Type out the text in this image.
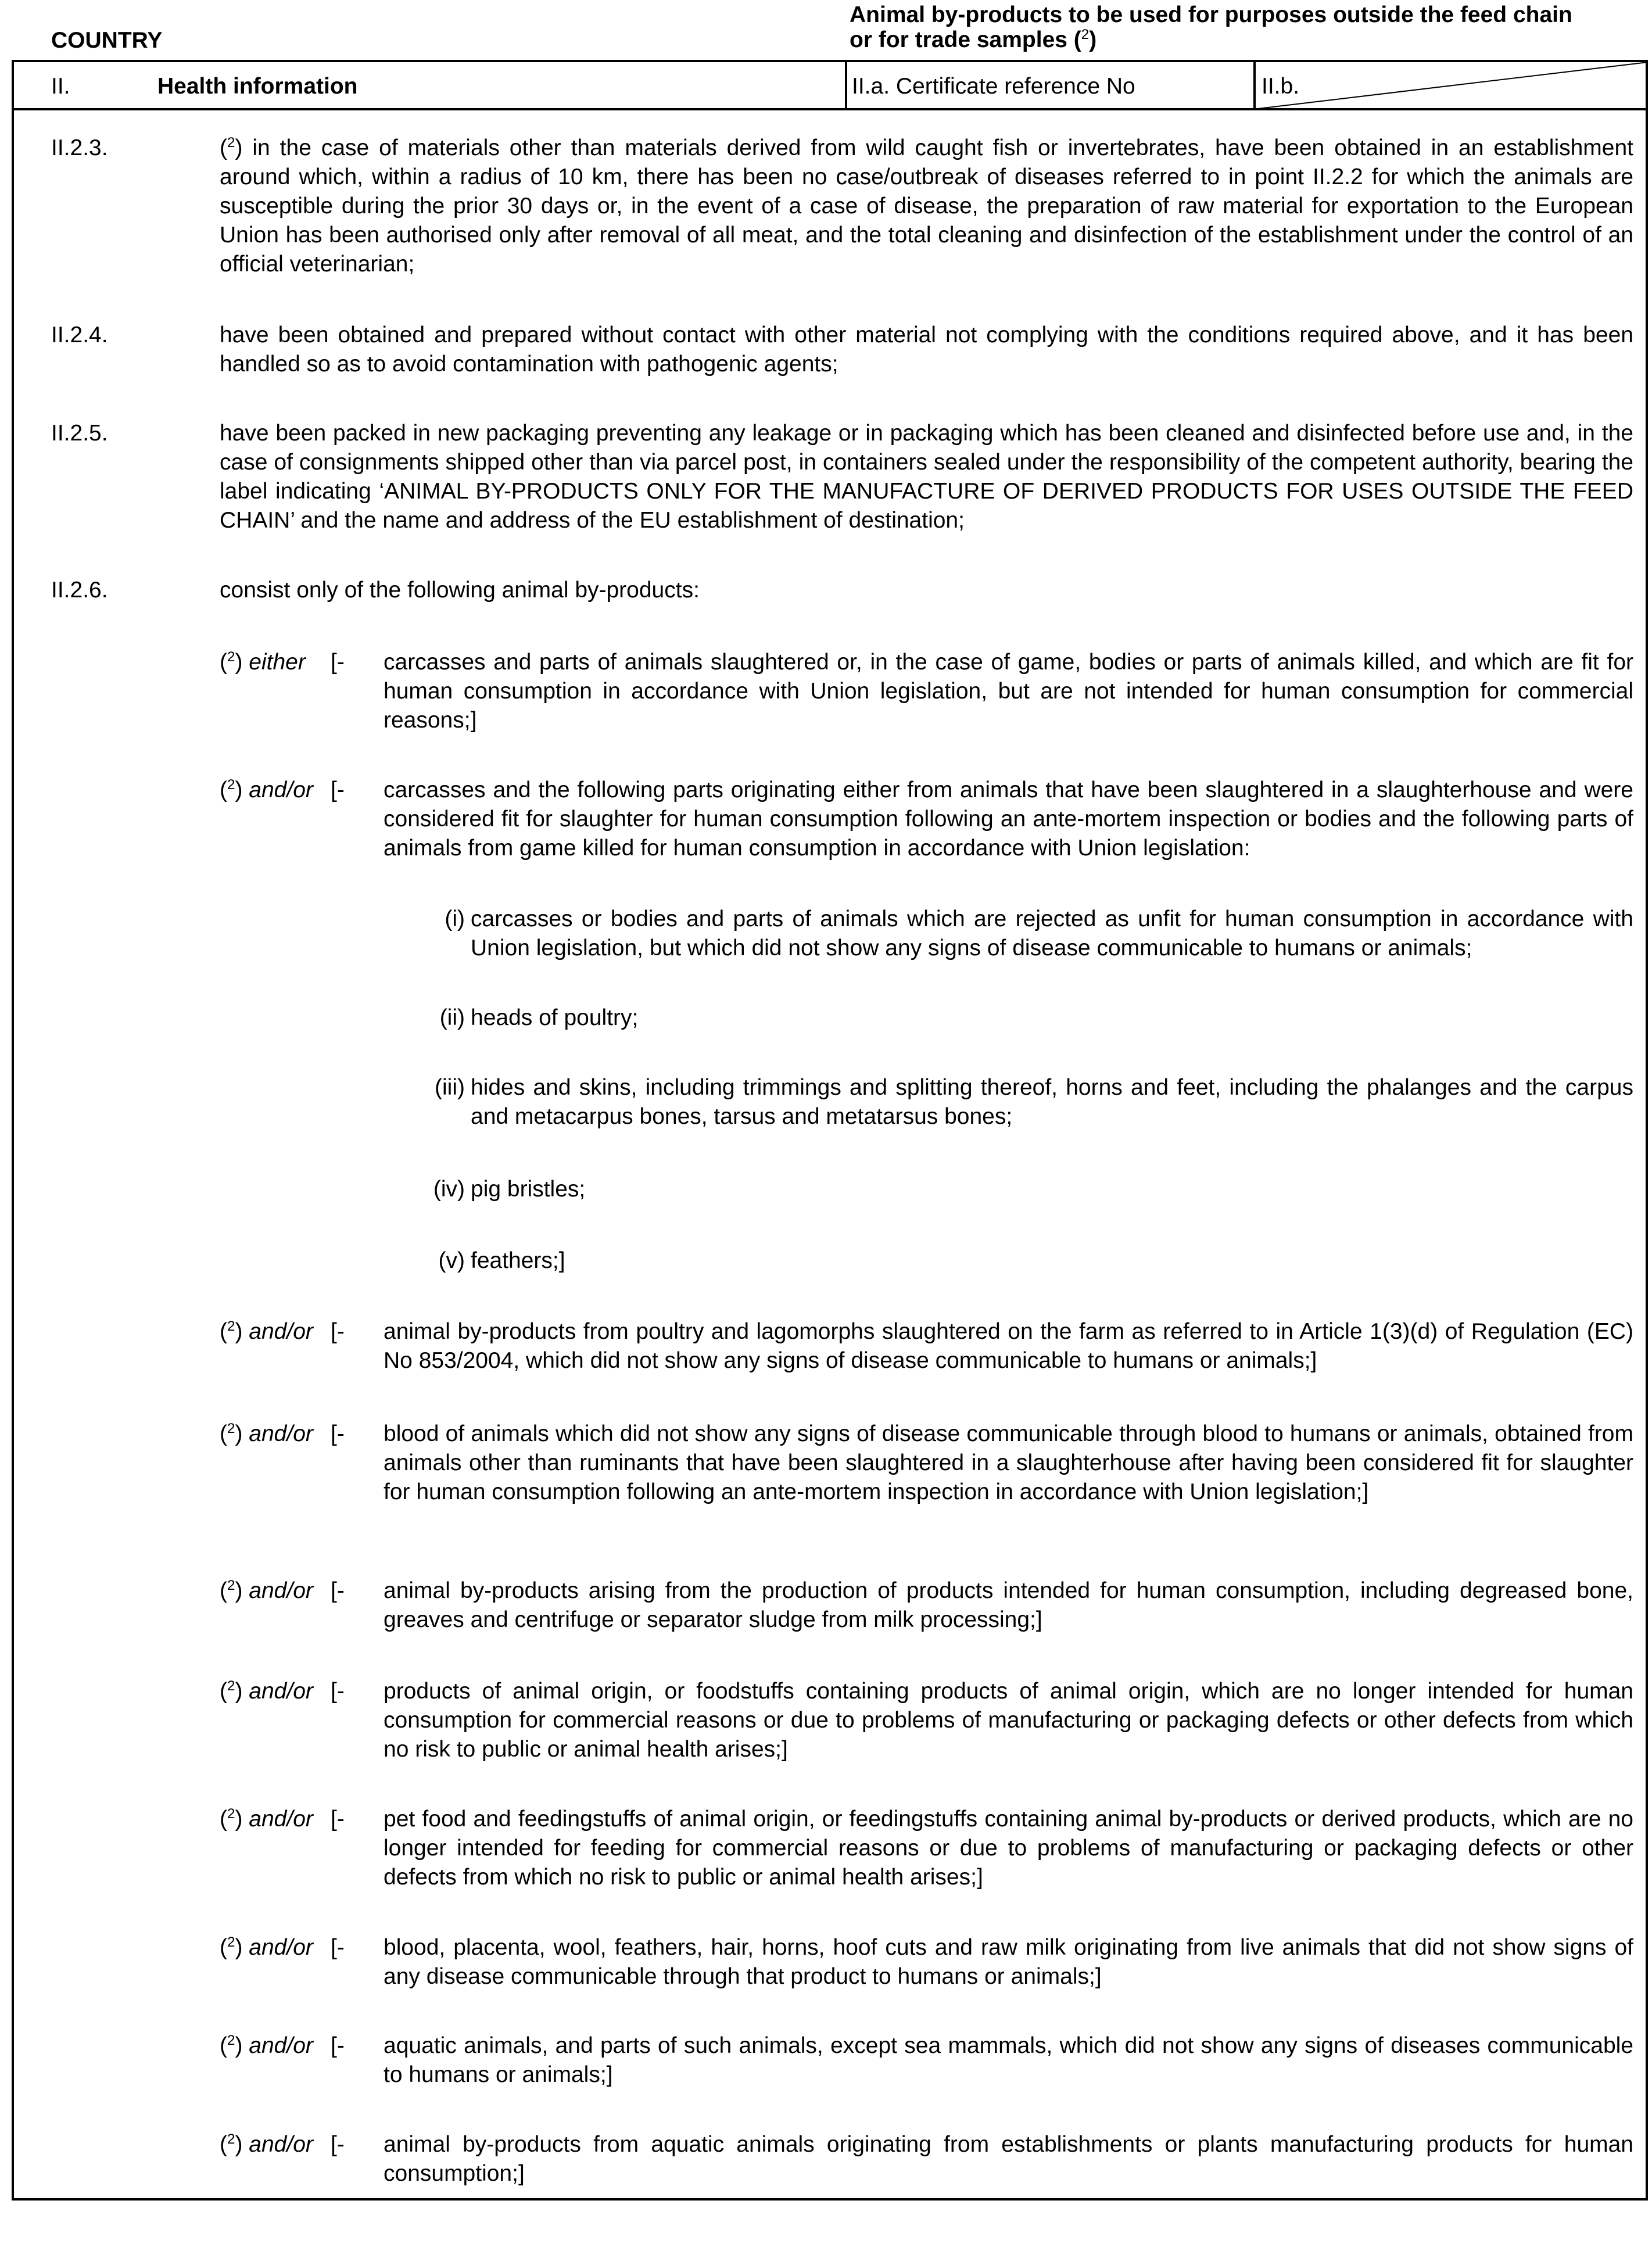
COUNTRY
Animal by-products to be used for purposes outside the feed chain
or for trade samples ($^2$)
II.	Health information	II.a. Certificate reference No	II.b.
II.2.3.	($^2$) in the case of materials other than materials derived from wild caught fish or invertebrates, have been obtained in an establishment around which, within a radius of 10 km, there has been no case/outbreak of diseases referred to in point II.2.2 for which the animals are susceptible during the prior 30 days or, in the event of a case of disease, the preparation of raw material for exportation to the European Union has been authorised only after removal of all meat, and the total cleaning and disinfection of the establishment under the control of an official veterinarian;
II.2.4.	have been obtained and prepared without contact with other material not complying with the conditions required above, and it has been handled so as to avoid contamination with pathogenic agents;
II.2.5.	have been packed in new packaging preventing any leakage or in packaging which has been cleaned and disinfected before use and, in the case of consignments shipped other than via parcel post, in containers sealed under the responsibility of the competent authority, bearing the label indicating ‘ANIMAL BY-PRODUCTS ONLY FOR THE MANUFACTURE OF DERIVED PRODUCTS FOR USES OUTSIDE THE FEED CHAIN’ and the name and address of the EU establishment of destination;
II.2.6.	consist only of the following animal by-products:
($^2$) either [- carcasses and parts of animals slaughtered or, in the case of game, bodies or parts of animals killed, and which are fit for human consumption in accordance with Union legislation, but are not intended for human consumption for commercial reasons;]
($^2$) and/or [- carcasses and the following parts originating either from animals that have been slaughtered in a slaughterhouse and were considered fit for slaughter for human consumption following an ante-mortem inspection or bodies and the following parts of animals from game killed for human consumption in accordance with Union legislation:
(i) carcasses or bodies and parts of animals which are rejected as unfit for human consumption in accordance with Union legislation, but which did not show any signs of disease communicable to humans or animals;
(ii) heads of poultry;
(iii) hides and skins, including trimmings and splitting thereof, horns and feet, including the phalanges and the carpus and metacarpus bones, tarsus and metatarsus bones;
(iv) pig bristles;
(v) feathers;]
($^2$) and/or [- animal by-products from poultry and lagomorphs slaughtered on the farm as referred to in Article 1(3)(d) of Regulation (EC) No 853/2004, which did not show any signs of disease communicable to humans or animals;]
($^2$) and/or [- blood of animals which did not show any signs of disease communicable through blood to humans or animals, obtained from animals other than ruminants that have been slaughtered in a slaughterhouse after having been considered fit for slaughter for human consumption following an ante-mortem inspection in accordance with Union legislation;]
($^2$) and/or [- animal by-products arising from the production of products intended for human consumption, including degreased bone, greaves and centrifuge or separator sludge from milk processing;]
($^2$) and/or [- products of animal origin, or foodstuffs containing products of animal origin, which are no longer intended for human consumption for commercial reasons or due to problems of manufacturing or packaging defects or other defects from which no risk to public or animal health arises;]
($^2$) and/or [- pet food and feedingstuffs of animal origin, or feedingstuffs containing animal by-products or derived products, which are no longer intended for feeding for commercial reasons or due to problems of manufacturing or packaging defects or other defects from which no risk to public or animal health arises;]
($^2$) and/or [- blood, placenta, wool, feathers, hair, horns, hoof cuts and raw milk originating from live animals that did not show signs of any disease communicable through that product to humans or animals;]
($^2$) and/or [- aquatic animals, and parts of such animals, except sea mammals, which did not show any signs of diseases communicable to humans or animals;]
($^2$) and/or [- animal by-products from aquatic animals originating from establishments or plants manufacturing products for human consumption;]
